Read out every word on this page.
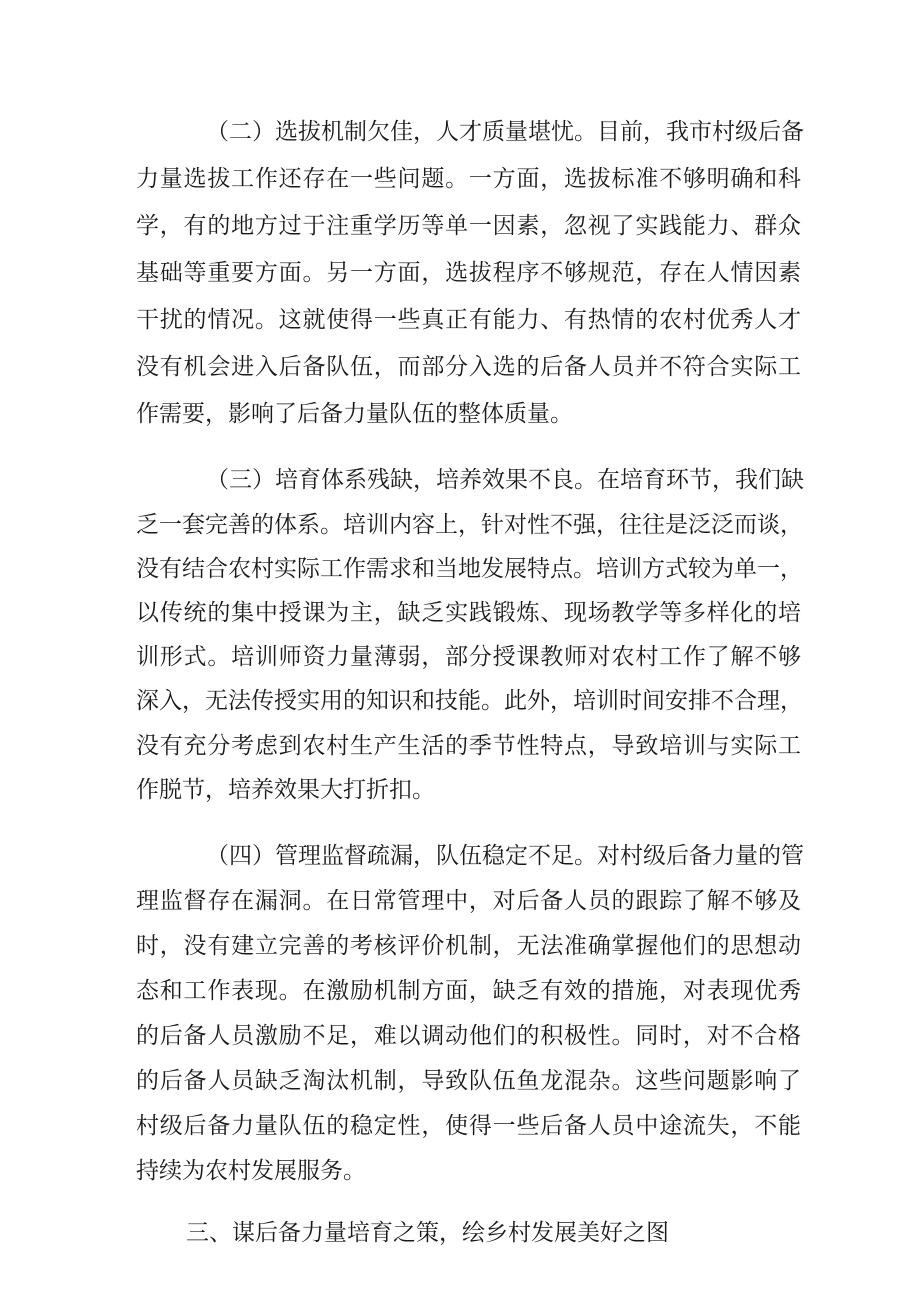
（二）选拔机制欠佳，人才质量堪忧。目前，我市村级后备
力量选拔工作还存在一些问题。一方面，选拔标准不够明确和科
学，有的地方过于注重学历等单一因素，忽视了实践能力、群众
基础等重要方面。另一方面，选拔程序不够规范，存在人情因素
干扰的情况。这就使得一些真正有能力、有热情的农村优秀人才
没有机会进入后备队伍，而部分入选的后备人员并不符合实际工
作需要，影响了后备力量队伍的整体质量。
（三）培育体系残缺，培养效果不良。在培育环节，我们缺
乏一套完善的体系。培训内容上，针对性不强，往往是泛泛而谈，
没有结合农村实际工作需求和当地发展特点。培训方式较为单一，
以传统的集中授课为主，缺乏实践锻炼、现场教学等多样化的培
训形式。培训师资力量薄弱，部分授课教师对农村工作了解不够
深入，无法传授实用的知识和技能。此外，培训时间安排不合理，
没有充分考虑到农村生产生活的季节性特点，导致培训与实际工
作脱节，培养效果大打折扣。
（四）管理监督疏漏，队伍稳定不足。对村级后备力量的管
理监督存在漏洞。在日常管理中，对后备人员的跟踪了解不够及
时，没有建立完善的考核评价机制，无法准确掌握他们的思想动
态和工作表现。在激励机制方面，缺乏有效的措施，对表现优秀
的后备人员激励不足，难以调动他们的积极性。同时，对不合格
的后备人员缺乏淘汰机制，导致队伍鱼龙混杂。这些问题影响了
村级后备力量队伍的稳定性，使得一些后备人员中途流失，不能
持续为农村发展服务。
三、谋后备力量培育之策，绘乡村发展美好之图
